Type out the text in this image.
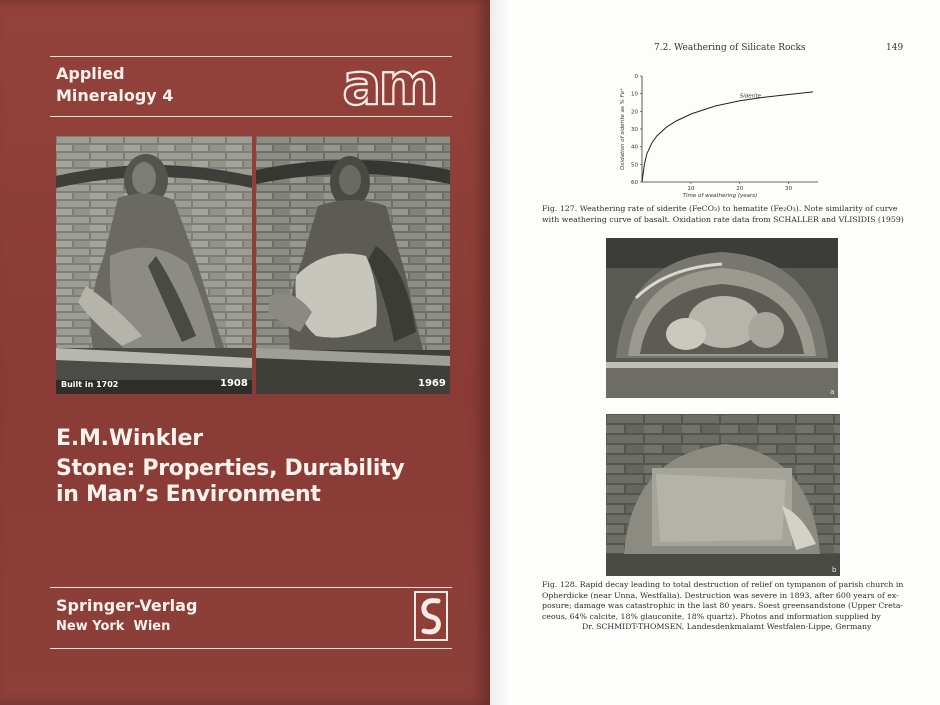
Applied
Mineralogy 4	am
Built in 1702	1908	1969
E.M.Winkler
Stone: Properties, Durability
in Man’s Environment
Springer-Verlag
New York  Wien	S
7.2. Weathering of Silicate Rocks	149
0
10
20
30
40
50
60
10	20	30
Siderite
Oxidation of siderite as % Fe⁺
Time of weathering (years)
Fig. 127. Weathering rate of siderite (FeCO₃) to hematite (Fe₂O₃). Note similarity of curve
with weathering curve of basalt. Oxidation rate data from SCHALLER and VLISIDIS (1959)
a
b
Fig. 128. Rapid decay leading to total destruction of relief on tympanon of parish church in
Opherdicke (near Unna, Westfalia). Destruction was severe in 1893, after 600 years of ex-
posure; damage was catastrophic in the last 80 years. Soest greensandstone (Upper Creta-
ceous, 64% calcite, 18% glauconite, 18% quartz). Photos and information supplied by
Dr. SCHMIDT-THOMSEN, Landesdenkmalamt Westfalen-Lippe, Germany
